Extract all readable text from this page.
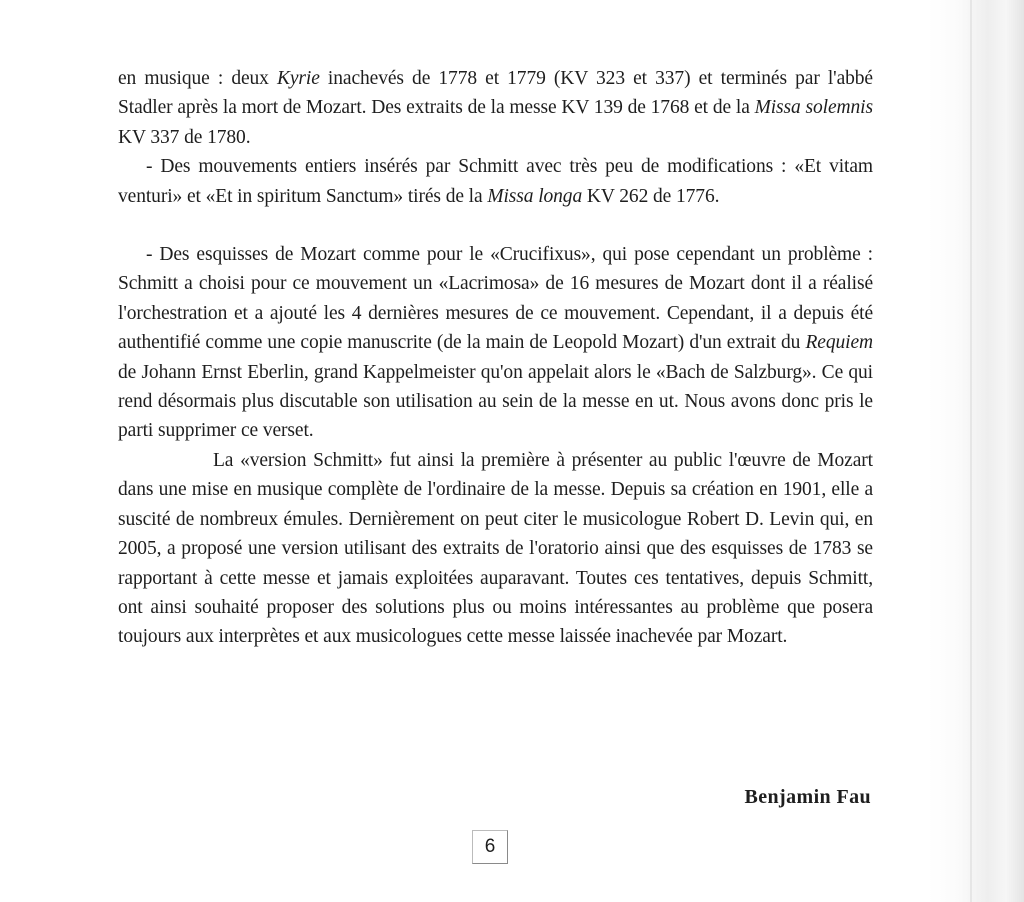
en musique : deux Kyrie inachevés de 1778 et 1779 (KV 323 et 337) et terminés par l'abbé Stadler après la mort de Mozart. Des extraits de la messe KV 139 de 1768 et de la Missa solemnis KV 337 de 1780.

- Des mouvements entiers insérés par Schmitt avec très peu de modifications : «Et vitam venturi» et «Et in spiritum Sanctum» tirés de la Missa longa KV 262 de 1776.

- Des esquisses de Mozart comme pour le «Crucifixus», qui pose cependant un problème : Schmitt a choisi pour ce mouvement un «Lacrimosa» de 16 mesures de Mozart dont il a réalisé l'orchestration et a ajouté les 4 dernières mesures de ce mouvement. Cependant, il a depuis été authentifié comme une copie manuscrite (de la main de Leopold Mozart) d'un extrait du Requiem de Johann Ernst Eberlin, grand Kappelmeister qu'on appelait alors le «Bach de Salzburg». Ce qui rend désormais plus discutable son utilisation au sein de la messe en ut. Nous avons donc pris le parti supprimer ce verset.

La «version Schmitt» fut ainsi la première à présenter au public l'œuvre de Mozart dans une mise en musique complète de l'ordinaire de la messe. Depuis sa création en 1901, elle a suscité de nombreux émules. Dernièrement on peut citer le musicologue Robert D. Levin qui, en 2005, a proposé une version utilisant des extraits de l'oratorio ainsi que des esquisses de 1783 se rapportant à cette messe et jamais exploitées auparavant. Toutes ces tentatives, depuis Schmitt, ont ainsi souhaité proposer des solutions plus ou moins intéressantes au problème que posera toujours aux interprètes et aux musicologues cette messe laissée inachevée par Mozart.

Benjamin Fau
6
